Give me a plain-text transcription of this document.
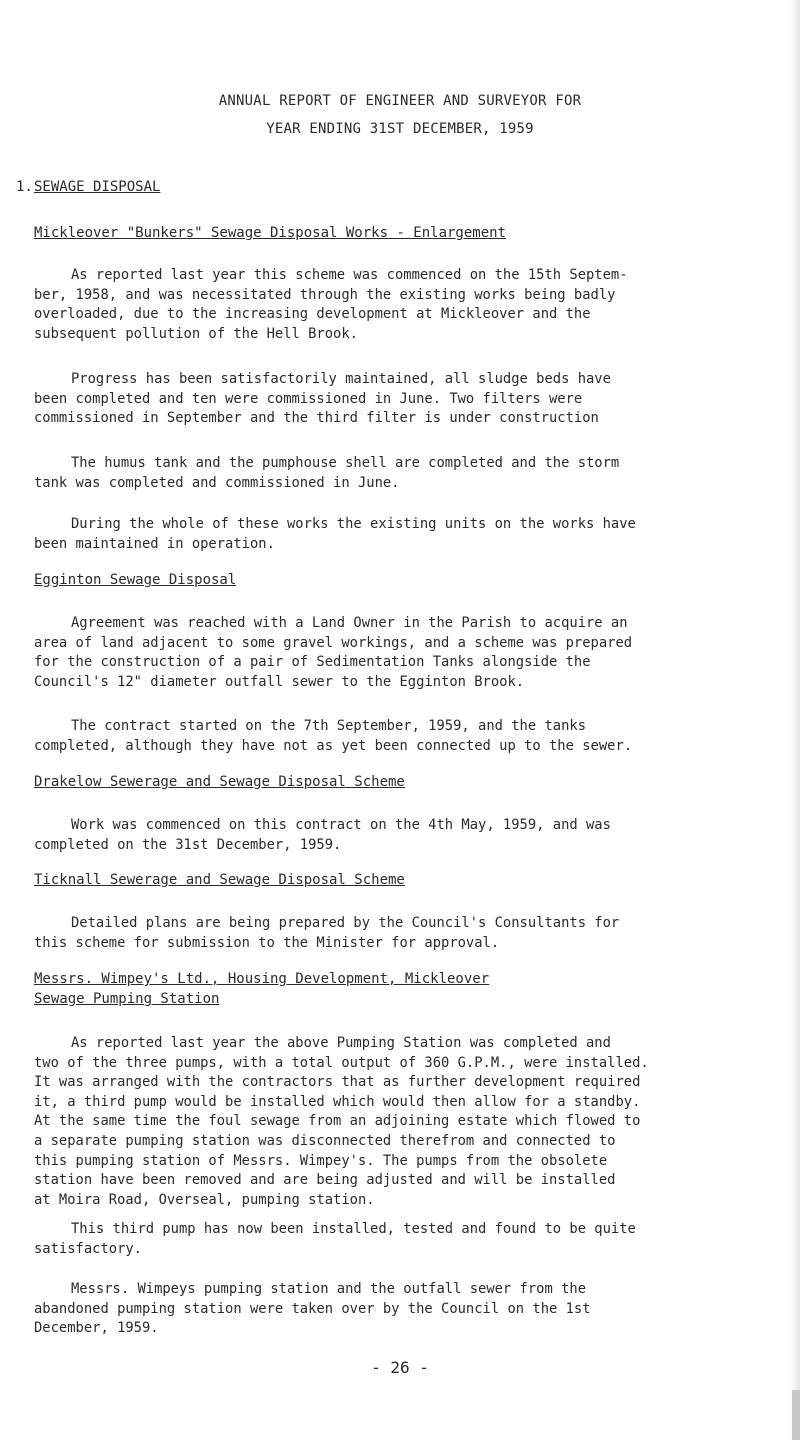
ANNUAL REPORT OF ENGINEER AND SURVEYOR FOR
YEAR ENDING 31ST DECEMBER, 1959
1. SEWAGE DISPOSAL
Mickleover "Bunkers" Sewage Disposal Works - Enlargement
As reported last year this scheme was commenced on the 15th Septem-
ber, 1958, and was necessitated through the existing works being badly
overloaded, due to the increasing development at Mickleover and the
subsequent pollution of the Hell Brook.
Progress has been satisfactorily maintained, all sludge beds have
been completed and ten were commissioned in June. Two filters were
commissioned in September and the third filter is under construction
The humus tank and the pumphouse shell are completed and the storm
tank was completed and commissioned in June.
During the whole of these works the existing units on the works have
been maintained in operation.
Egginton Sewage Disposal
Agreement was reached with a Land Owner in the Parish to acquire an
area of land adjacent to some gravel workings, and a scheme was prepared
for the construction of a pair of Sedimentation Tanks alongside the
Council's 12" diameter outfall sewer to the Egginton Brook.
The contract started on the 7th September, 1959, and the tanks
completed, although they have not as yet been connected up to the sewer.
Drakelow Sewerage and Sewage Disposal Scheme
Work was commenced on this contract on the 4th May, 1959, and was
completed on the 31st December, 1959.
Ticknall Sewerage and Sewage Disposal Scheme
Detailed plans are being prepared by the Council's Consultants for
this scheme for submission to the Minister for approval.
Messrs. Wimpey's Ltd., Housing Development, Mickleover
Sewage Pumping Station
As reported last year the above Pumping Station was completed and
two of the three pumps, with a total output of 360 G.P.M., were installed.
It was arranged with the contractors that as further development required
it, a third pump would be installed which would then allow for a standby.
At the same time the foul sewage from an adjoining estate which flowed to
a separate pumping station was disconnected therefrom and connected to
this pumping station of Messrs. Wimpey's. The pumps from the obsolete
station have been removed and are being adjusted and will be installed
at Moira Road, Overseal, pumping station.
This third pump has now been installed, tested and found to be quite
satisfactory.
Messrs. Wimpeys pumping station and the outfall sewer from the
abandoned pumping station were taken over by the Council on the 1st
December, 1959.
- 26 -
